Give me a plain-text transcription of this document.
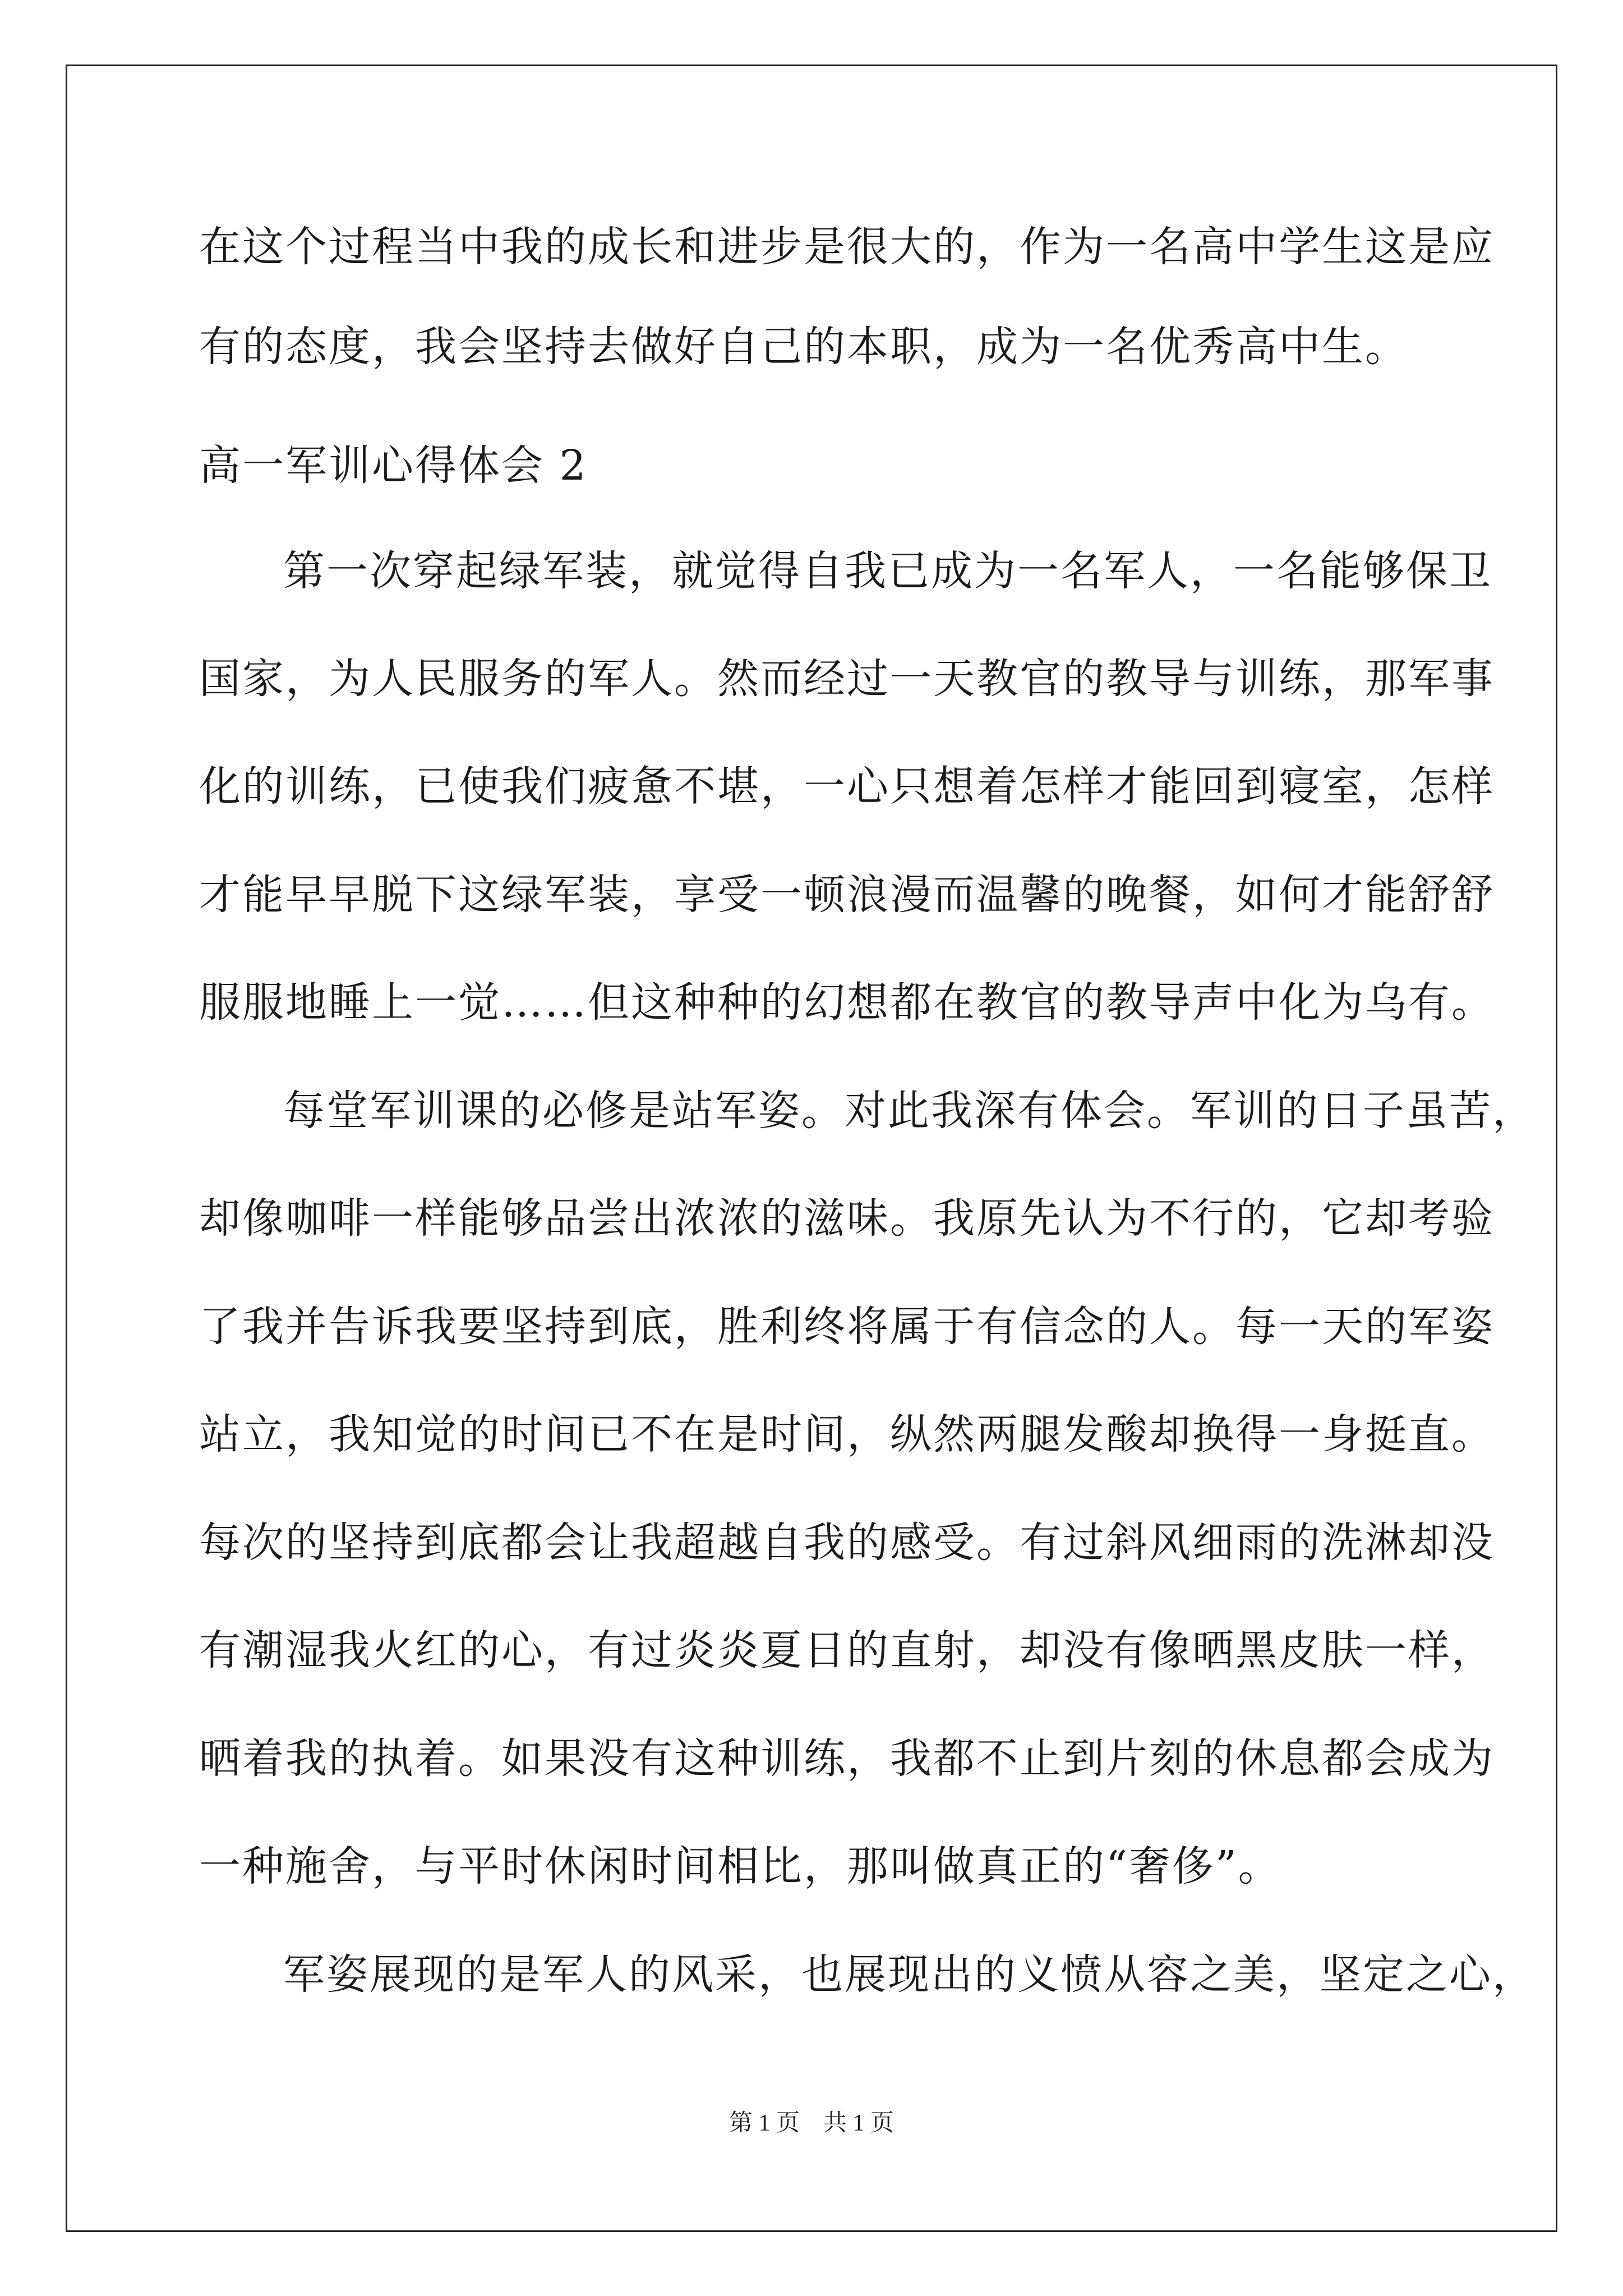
在这个过程当中我的成长和进步是很大的，作为一名高中学生这是应
有的态度，我会坚持去做好自己的本职，成为一名优秀高中生。
高一军训心得体会 2
第一次穿起绿军装，就觉得自我已成为一名军人，一名能够保卫
国家，为人民服务的军人。然而经过一天教官的教导与训练，那军事
化的训练，已使我们疲惫不堪，一心只想着怎样才能回到寝室，怎样
才能早早脱下这绿军装，享受一顿浪漫而温馨的晚餐，如何才能舒舒
服服地睡上一觉……但这种种的幻想都在教官的教导声中化为乌有。
每堂军训课的必修是站军姿。对此我深有体会。军训的日子虽苦，
却像咖啡一样能够品尝出浓浓的滋味。我原先认为不行的，它却考验
了我并告诉我要坚持到底，胜利终将属于有信念的人。每一天的军姿
站立，我知觉的时间已不在是时间，纵然两腿发酸却换得一身挺直。
每次的坚持到底都会让我超越自我的感受。有过斜风细雨的洗淋却没
有潮湿我火红的心，有过炎炎夏日的直射，却没有像晒黑皮肤一样，
晒着我的执着。如果没有这种训练，我都不止到片刻的休息都会成为
一种施舍，与平时休闲时间相比，那叫做真正的“奢侈”。
军姿展现的是军人的风采，也展现出的义愤从容之美，坚定之心，
第 1 页　共 1 页
